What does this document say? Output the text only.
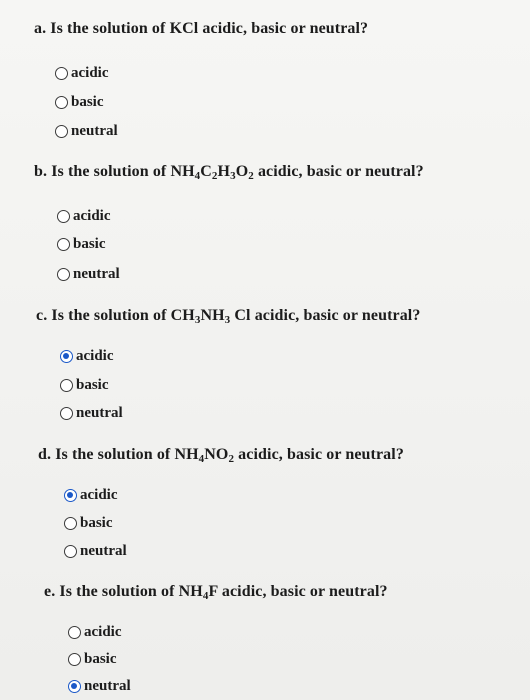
a. Is the solution of KCl acidic, basic or neutral?
acidic
basic
neutral
b. Is the solution of $NH_4C_2H_3O_2$ acidic, basic or neutral?
acidic
basic
neutral
c. Is the solution of $CH_3NH_3$ Cl acidic, basic or neutral?
acidic
basic
neutral
d. Is the solution of $NH_4NO_2$ acidic, basic or neutral?
acidic
basic
neutral
e. Is the solution of $NH_4F$ acidic, basic or neutral?
acidic
basic
neutral
